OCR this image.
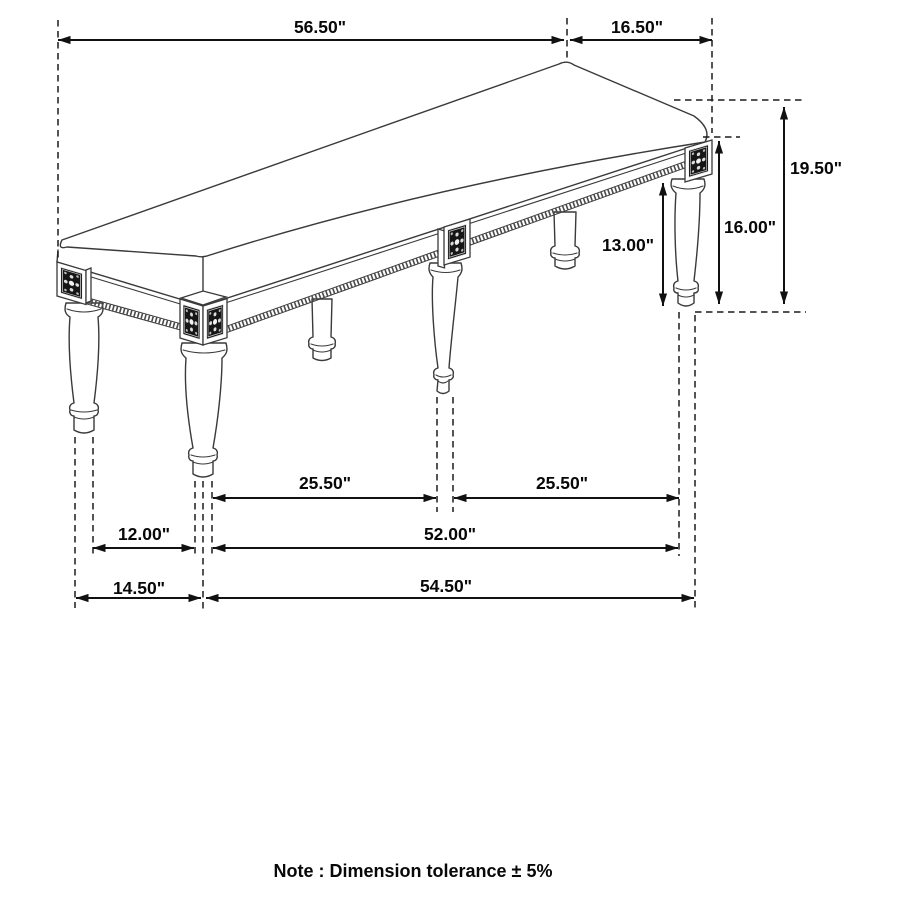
56.50"	16.50"
19.50"
16.00"
13.00"
25.50"	25.50"
12.00"	52.00"
14.50"	54.50"
Note : Dimension tolerance ± 5%
